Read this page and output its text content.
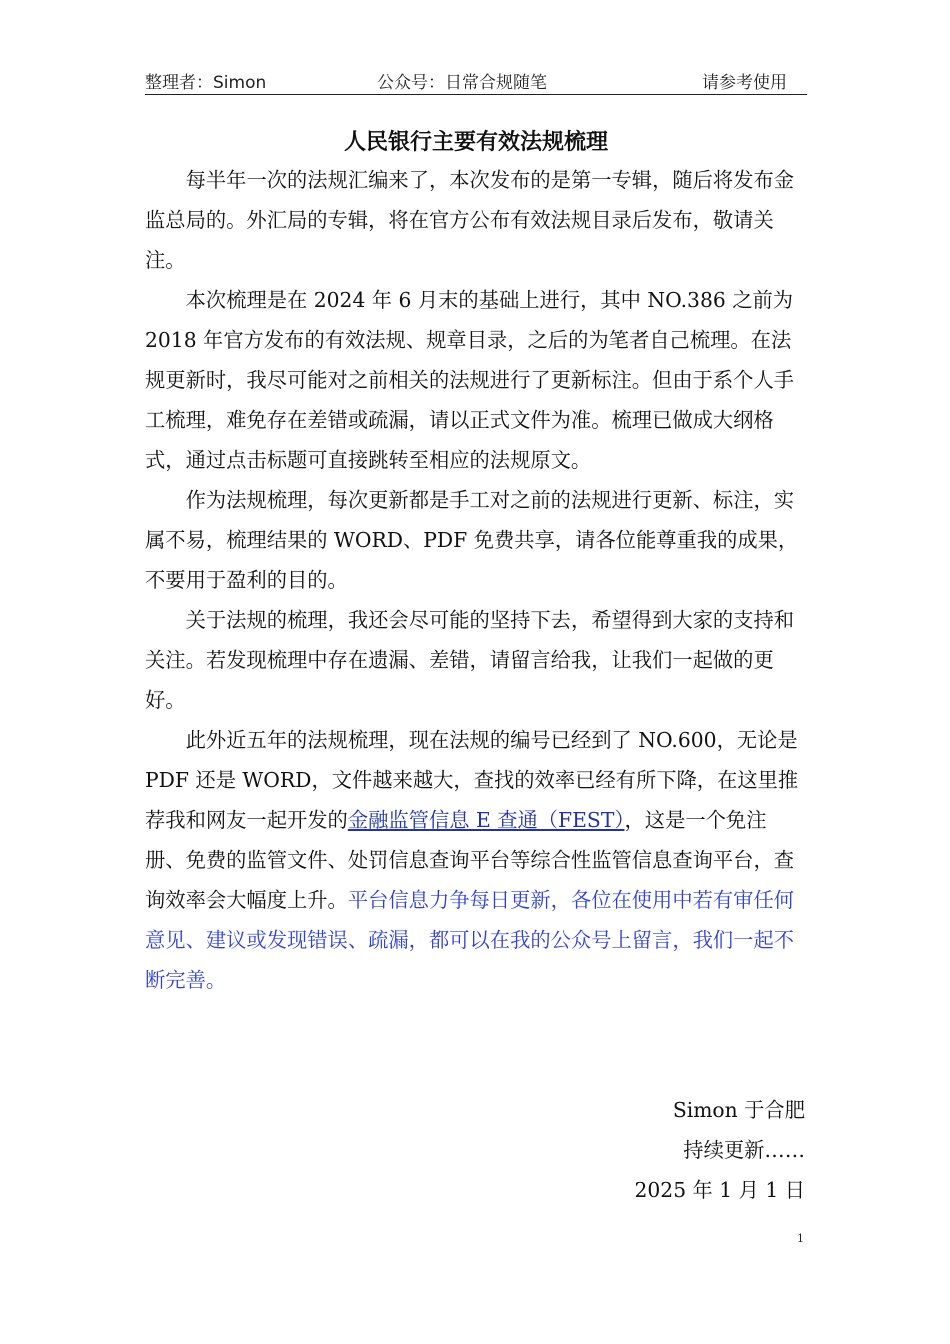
整理者：Simon	公众号：日常合规随笔	请参考使用
人民银行主要有效法规梳理

每半年一次的法规汇编来了，本次发布的是第一专辑，随后将发布金监总局的。外汇局的专辑，将在官方公布有效法规目录后发布，敬请关注。

本次梳理是在 2024 年 6 月末的基础上进行，其中 NO.386 之前为 2018 年官方发布的有效法规、规章目录，之后的为笔者自己梳理。在法规更新时，我尽可能对之前相关的法规进行了更新标注。但由于系个人手工梳理，难免存在差错或疏漏，请以正式文件为准。梳理已做成大纲格式，通过点击标题可直接跳转至相应的法规原文。

作为法规梳理，每次更新都是手工对之前的法规进行更新、标注，实属不易，梳理结果的 WORD、PDF 免费共享，请各位能尊重我的成果，不要用于盈利的目的。

关于法规的梳理，我还会尽可能的坚持下去，希望得到大家的支持和关注。若发现梳理中存在遗漏、差错，请留言给我，让我们一起做的更好。

此外近五年的法规梳理，现在法规的编号已经到了 NO.600，无论是 PDF 还是 WORD，文件越来越大，查找的效率已经有所下降，在这里推荐我和网友一起开发的金融监管信息 E 查通（FEST），这是一个免注册、免费的监管文件、处罚信息查询平台等综合性监管信息查询平台，查询效率会大幅度上升。平台信息力争每日更新，各位在使用中若有审任何意见、建议或发现错误、疏漏，都可以在我的公众号上留言，我们一起不断完善。

Simon 于合肥
持续更新……
2025 年 1 月 1 日
1
